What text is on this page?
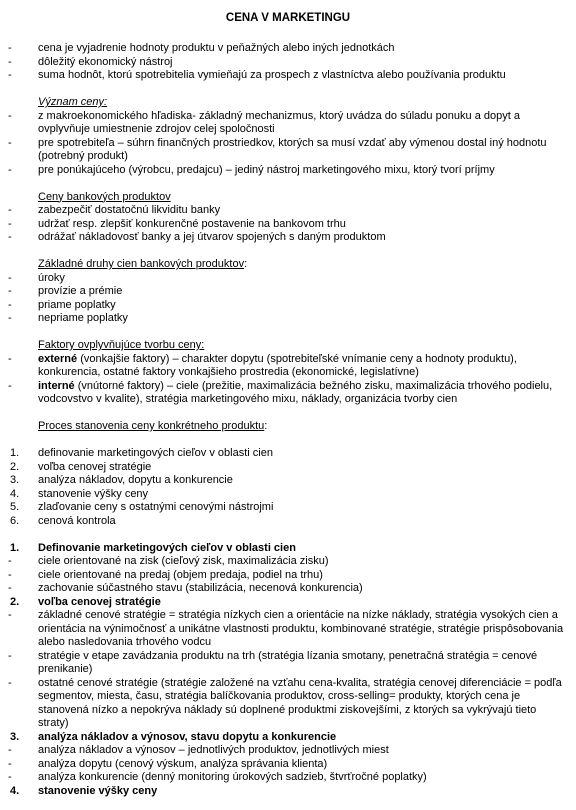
CENA V MARKETINGU
-	cena je vyjadrenie hodnoty produktu v peňažných alebo iných jednotkách
-	dôležitý ekonomický nástroj
-	suma hodnôt, ktorú spotrebitelia vymieňajú za prospech z vlastníctva alebo používania produktu
Význam ceny:
-	z makroekonomického hľadiska- základný mechanizmus, ktorý uvádza do súladu ponuku a dopyt a ovplyvňuje umiestnenie zdrojov celej spoločnosti
-	pre spotrebiteľa – súhrn finančných prostriedkov, ktorých sa musí vzdať aby výmenou dostal iný hodnotu (potrebný produkt)
-	pre ponúkajúceho (výrobcu, predajcu) – jediný nástroj marketingového mixu, ktorý tvorí príjmy
Ceny bankových produktov
-	zabezpečiť dostatočnú likviditu banky
-	udržať resp. zlepšiť konkurenčné postavenie na bankovom trhu
-	odrážať nákladovosť banky a jej útvarov spojených s daným produktom
Základné druhy cien bankových produktov:
-	úroky
-	provízie a prémie
-	priame poplatky
-	nepriame poplatky
Faktory ovplyvňujúce tvorbu ceny:
-	externé (vonkajšie faktory) – charakter dopytu (spotrebiteľské vnímanie ceny a hodnoty produktu), konkurencia, ostatné faktory vonkajšieho prostredia (ekonomické, legislatívne)
-	interné (vnútorné faktory) – ciele (prežitie, maximalizácia bežného zisku, maximalizácia trhového podielu, vodcovstvo v kvalite), stratégia marketingového mixu, náklady, organizácia tvorby cien
Proces stanovenia ceny konkrétneho produktu:
1.	definovanie marketingových cieľov v oblasti cien
2.	voľba cenovej stratégie
3.	analýza nákladov, dopytu a konkurencie
4.	stanovenie výšky ceny
5.	zlaďovanie ceny s ostatnými cenovými nástrojmi
6.	cenová kontrola
1.	Definovanie marketingových cieľov v oblasti cien
-	ciele orientované na zisk (cieľový zisk, maximalizácia zisku)
-	ciele orientované na predaj (objem predaja, podiel na trhu)
-	zachovanie súčastného stavu (stabilizácia, necenová konkurencia)
2.	voľba cenovej stratégie
-	základné cenové stratégie = stratégia nízkych cien a orientácie na nízke náklady, stratégia vysokých cien a orientácia na výnimočnosť a unikátne vlastnosti produktu, kombinované stratégie, stratégie prispôsobovania alebo nasledovania trhového vodcu
-	stratégie v etape zavádzania produktu na trh (stratégia lízania smotany, penetračná stratégia = cenové prenikanie)
-	ostatné cenové stratégie (stratégie založené na vzťahu cena-kvalita, stratégia cenovej diferenciácie = podľa segmentov, miesta, času, stratégia balíčkovania produktov, cross-selling= produkty, ktorých cena je stanovená nízko a nepokrýva náklady sú doplnené produktmi ziskovejšími, z ktorých sa vykrývajú tieto straty)
3.	analýza nákladov a výnosov, stavu dopytu a konkurencie
-	analýza nákladov a výnosov – jednotlivých produktov, jednotlivých miest
-	analýza dopytu (cenový výskum, analýza správania klienta)
-	analýza konkurencie (denný monitoring úrokových sadzieb, štvrťročné poplatky)
4.	stanovenie výšky ceny
